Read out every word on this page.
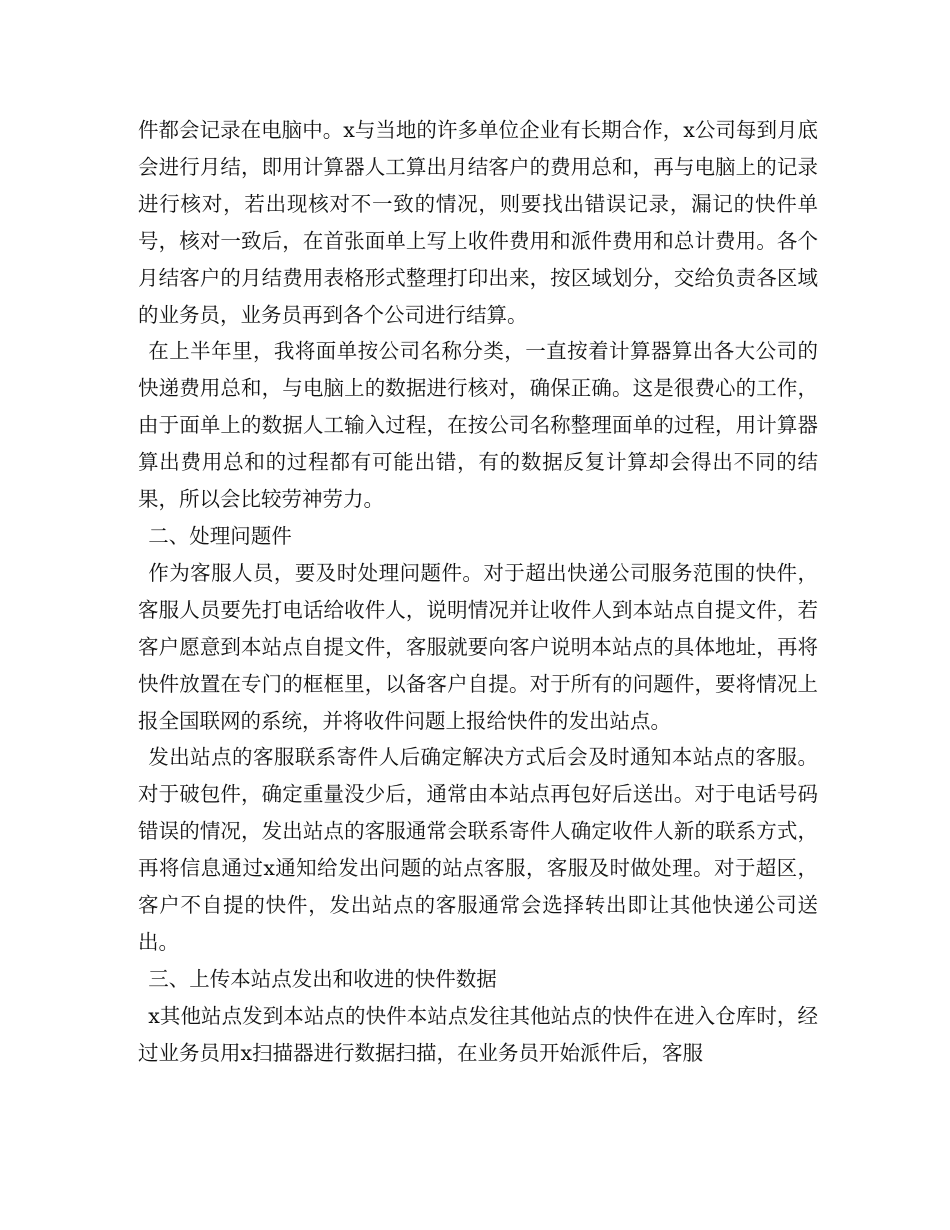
件都会记录在电脑中。x与当地的许多单位企业有长期合作，x公司每到月底会进行月结，即用计算器人工算出月结客户的费用总和，再与电脑上的记录进行核对，若出现核对不一致的情况，则要找出错误记录，漏记的快件单号，核对一致后，在首张面单上写上收件费用和派件费用和总计费用。各个月结客户的月结费用表格形式整理打印出来，按区域划分，交给负责各区域的业务员，业务员再到各个公司进行结算。

在上半年里，我将面单按公司名称分类，一直按着计算器算出各大公司的快递费用总和，与电脑上的数据进行核对，确保正确。这是很费心的工作，由于面单上的数据人工输入过程，在按公司名称整理面单的过程，用计算器算出费用总和的过程都有可能出错，有的数据反复计算却会得出不同的结果，所以会比较劳神劳力。

二、处理问题件

作为客服人员，要及时处理问题件。对于超出快递公司服务范围的快件，客服人员要先打电话给收件人，说明情况并让收件人到本站点自提文件，若客户愿意到本站点自提文件，客服就要向客户说明本站点的具体地址，再将快件放置在专门的框框里，以备客户自提。对于所有的问题件，要将情况上报全国联网的系统，并将收件问题上报给快件的发出站点。

发出站点的客服联系寄件人后确定解决方式后会及时通知本站点的客服。对于破包件，确定重量没少后，通常由本站点再包好后送出。对于电话号码错误的情况，发出站点的客服通常会联系寄件人确定收件人新的联系方式，再将信息通过x通知给发出问题的站点客服，客服及时做处理。对于超区，客户不自提的快件，发出站点的客服通常会选择转出即让其他快递公司送出。

三、上传本站点发出和收进的快件数据

x其他站点发到本站点的快件本站点发往其他站点的快件在进入仓库时，经过业务员用x扫描器进行数据扫描，在业务员开始派件后，客服
